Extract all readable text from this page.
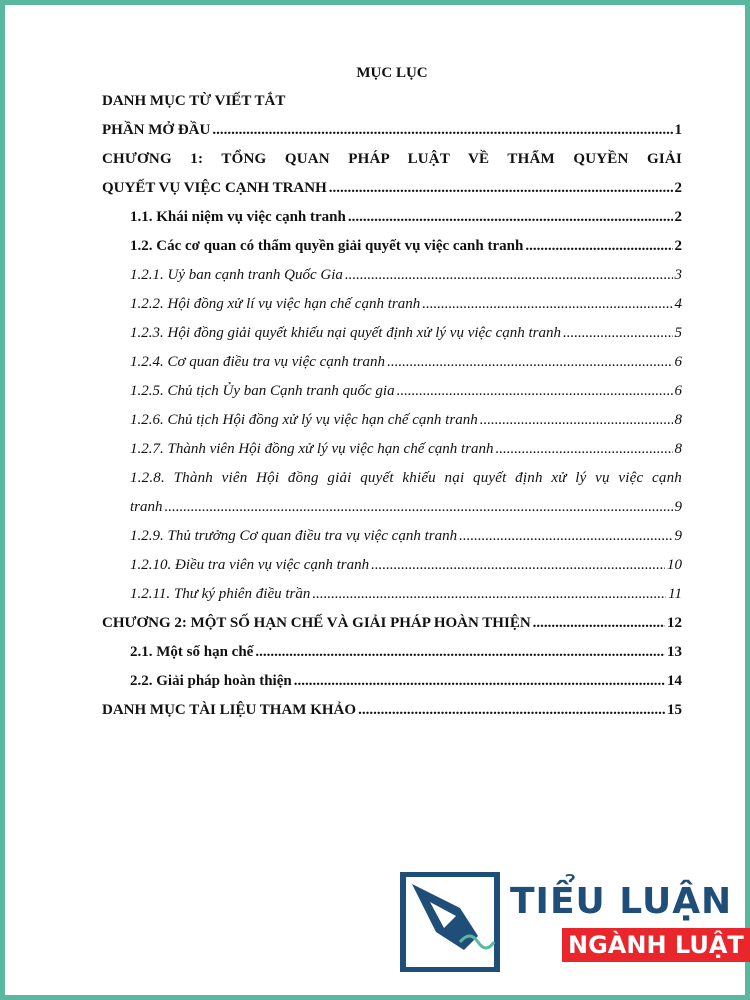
MỤC LỤC
DANH MỤC TỪ VIẾT TẮT
PHẦN MỞ ĐẦU .....	1
CHƯƠNG 1: TỔNG QUAN PHÁP LUẬT VỀ THẨM QUYỀN GIẢI
QUYẾT VỤ VIỆC CẠNH TRANH .....	2
1.1. Khái niệm vụ việc cạnh tranh .....	2
1.2. Các cơ quan có thẩm quyền giải quyết vụ việc canh tranh .....	2
1.2.1. Uỷ ban cạnh tranh Quốc Gia .....	3
1.2.2. Hội đồng xử lí vụ việc hạn chế cạnh tranh .....	4
1.2.3. Hội đồng giải quyết khiếu nại quyết định xử lý vụ việc cạnh tranh .....	5
1.2.4. Cơ quan điều tra vụ việc cạnh tranh .....	6
1.2.5. Chủ tịch Ủy ban Cạnh tranh quốc gia .....	6
1.2.6. Chủ tịch Hội đồng xử lý vụ việc hạn chế cạnh tranh .....	8
1.2.7. Thành viên Hội đồng xử lý vụ việc hạn chế cạnh tranh .....	8
1.2.8. Thành viên Hội đồng giải quyết khiếu nại quyết định xử lý vụ việc cạnh
tranh .....	9
1.2.9. Thủ trưởng Cơ quan điều tra vụ việc cạnh tranh .....	9
1.2.10. Điều tra viên vụ việc cạnh tranh .....	10
1.2.11. Thư ký phiên điều trần .....	11
CHƯƠNG 2: MỘT SỐ HẠN CHẾ VÀ GIẢI PHÁP HOÀN THIỆN .....	12
2.1. Một số hạn chế .....	13
2.2. Giải pháp hoàn thiện .....	14
DANH MỤC TÀI LIỆU THAM KHẢO .....	15
TIỂU LUẬN
NGÀNH LUẬT
